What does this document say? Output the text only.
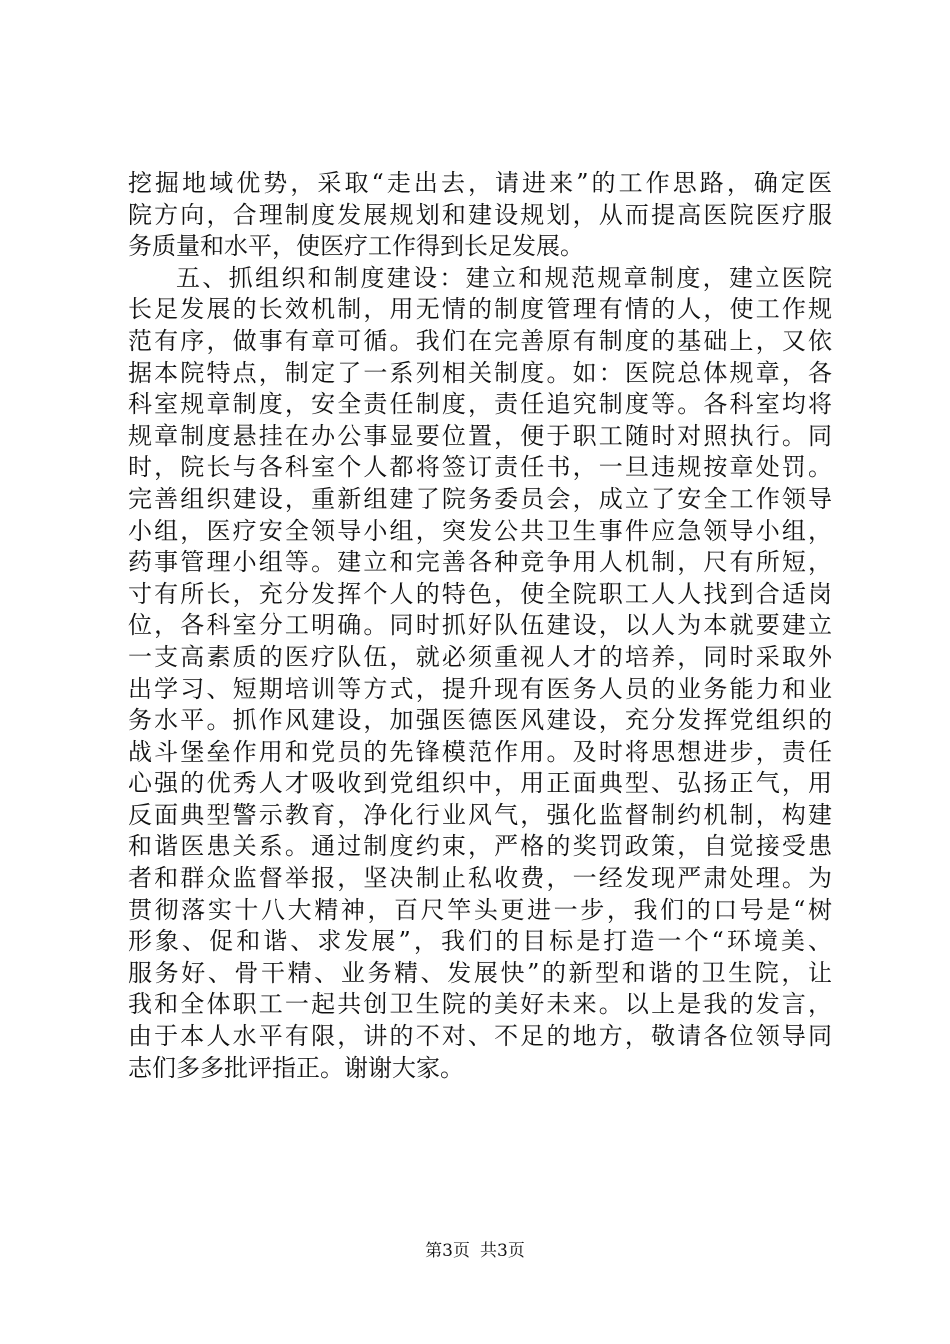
挖掘地域优势，采取“走出去，请进来”的工作思路，确定医
院方向，合理制度发展规划和建设规划，从而提高医院医疗服
务质量和水平，使医疗工作得到长足发展。
五、抓组织和制度建设：建立和规范规章制度，建立医院
长足发展的长效机制，用无情的制度管理有情的人，使工作规
范有序，做事有章可循。我们在完善原有制度的基础上，又依
据本院特点，制定了一系列相关制度。如：医院总体规章，各
科室规章制度，安全责任制度，责任追究制度等。各科室均将
规章制度悬挂在办公事显要位置，便于职工随时对照执行。同
时，院长与各科室个人都将签订责任书，一旦违规按章处罚。
完善组织建设，重新组建了院务委员会，成立了安全工作领导
小组，医疗安全领导小组，突发公共卫生事件应急领导小组，
药事管理小组等。建立和完善各种竞争用人机制，尺有所短，
寸有所长，充分发挥个人的特色，使全院职工人人找到合适岗
位，各科室分工明确。同时抓好队伍建设，以人为本就要建立
一支高素质的医疗队伍，就必须重视人才的培养，同时采取外
出学习、短期培训等方式，提升现有医务人员的业务能力和业
务水平。抓作风建设，加强医德医风建设，充分发挥党组织的
战斗堡垒作用和党员的先锋模范作用。及时将思想进步，责任
心强的优秀人才吸收到党组织中，用正面典型、弘扬正气，用
反面典型警示教育，净化行业风气，强化监督制约机制，构建
和谐医患关系。通过制度约束，严格的奖罚政策，自觉接受患
者和群众监督举报，坚决制止私收费，一经发现严肃处理。为
贯彻落实十八大精神，百尺竿头更进一步，我们的口号是“树
形象、促和谐、求发展”，我们的目标是打造一个“环境美、
服务好、骨干精、业务精、发展快”的新型和谐的卫生院，让
我和全体职工一起共创卫生院的美好未来。以上是我的发言，
由于本人水平有限，讲的不对、不足的地方，敬请各位领导同
志们多多批评指正。谢谢大家。
第3页 共3页
